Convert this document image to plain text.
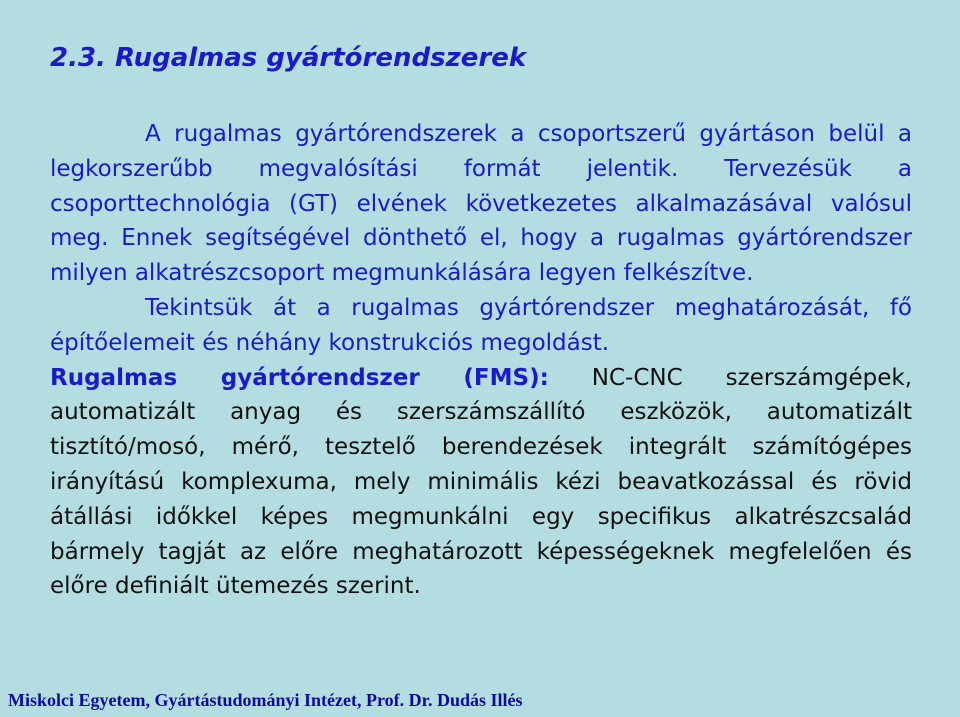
2.3. Rugalmas gyártórendszerek

A rugalmas gyártórendszerek a csoportszerű gyártáson belül a legkorszerűbb megvalósítási formát jelentik. Tervezésük a csoporttechnológia (GT) elvének következetes alkalmazásával valósul meg. Ennek segítségével dönthető el, hogy a rugalmas gyártórendszer milyen alkatrészcsoport megmunkálására legyen felkészítve.

Tekintsük át a rugalmas gyártórendszer meghatározását, fő építőelemeit és néhány konstrukciós megoldást.

Rugalmas gyártórendszer (FMS): NC-CNC szerszámgépek, automatizált anyag és szerszámszállító eszközök, automatizált tisztító/mosó, mérő, tesztelő berendezések integrált számítógépes irányítású komplexuma, mely minimális kézi beavatkozással és rövid átállási időkkel képes megmunkálni egy specifikus alkatrészcsalád bármely tagját az előre meghatározott képességeknek megfelelően és előre definiált ütemezés szerint.

Miskolci Egyetem, Gyártástudományi Intézet, Prof. Dr. Dudás Illés
